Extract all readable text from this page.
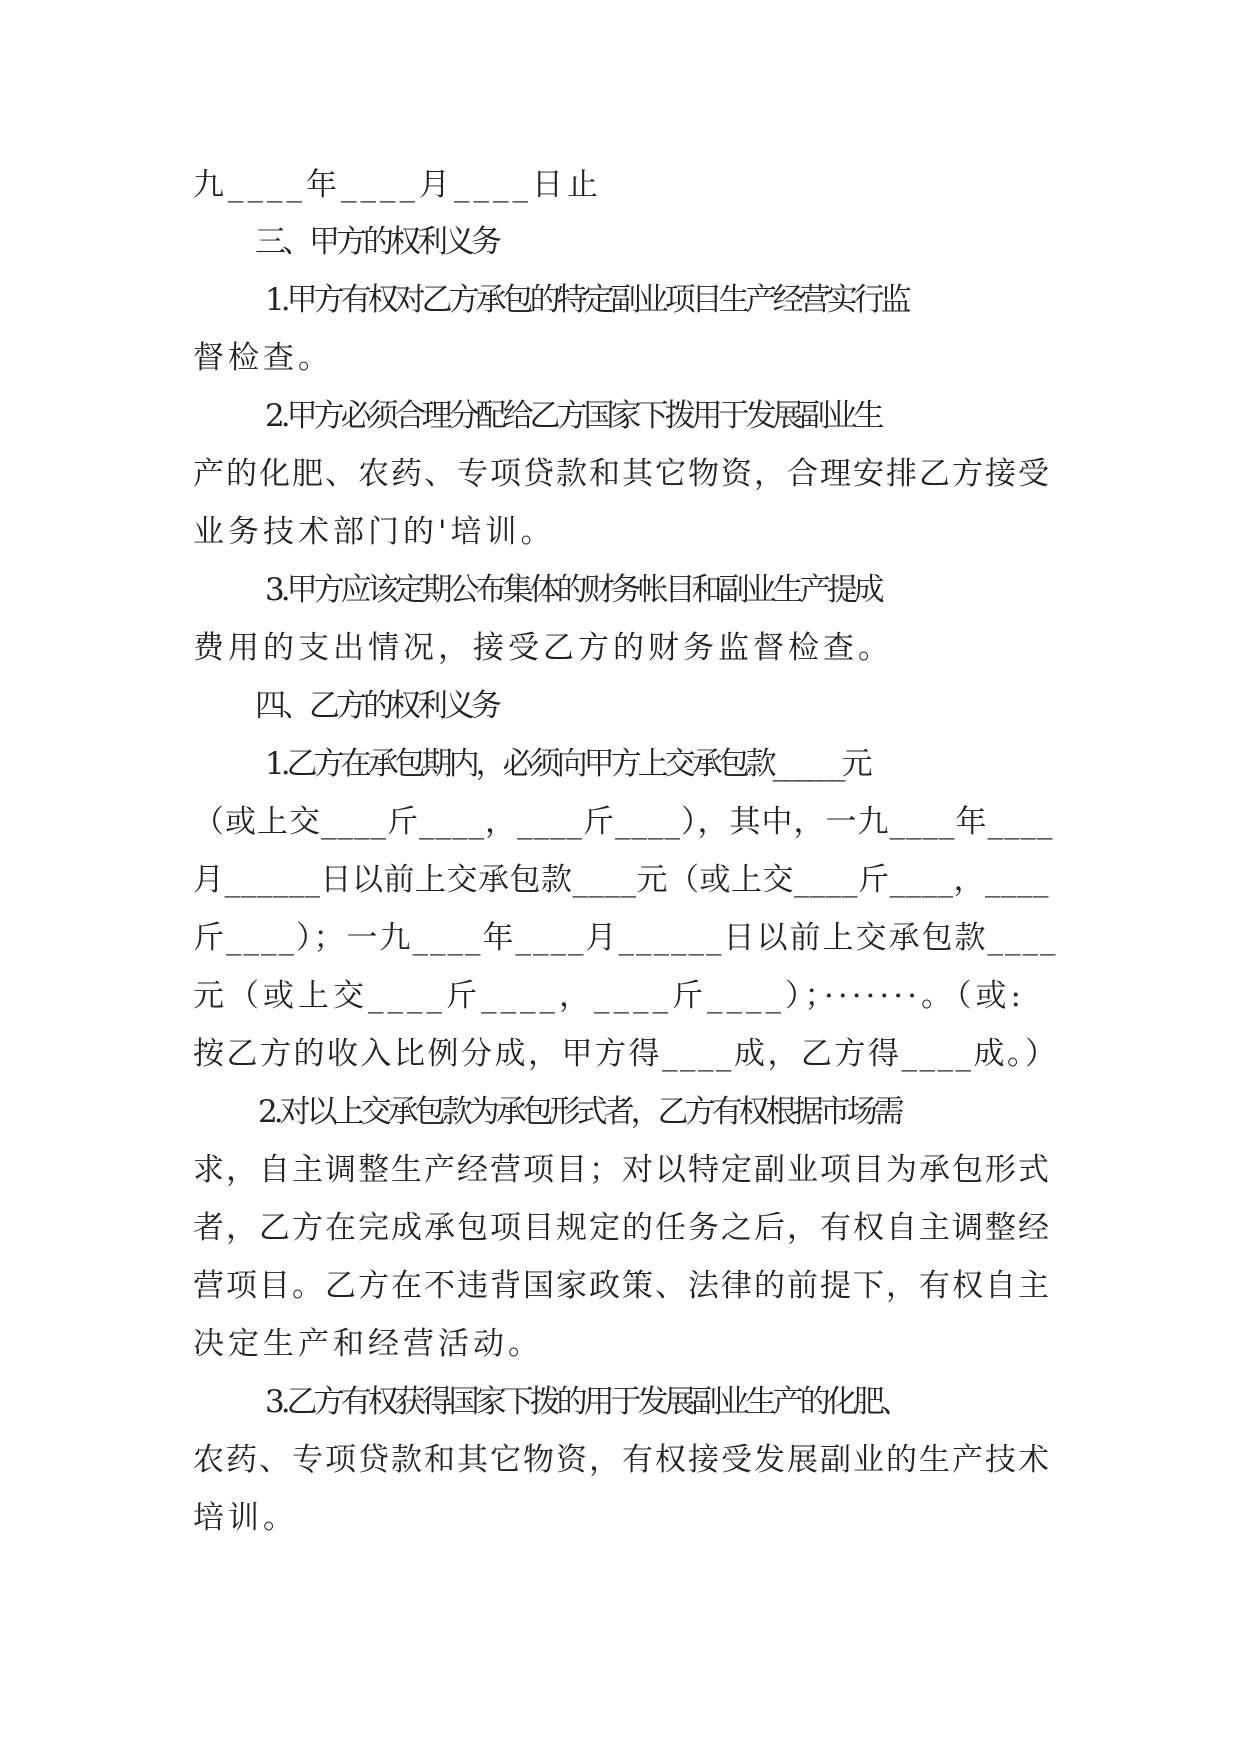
九____年____月____日止
三、甲方的权利义务
1.甲方有权对乙方承包的特定副业项目生产经营实行监
督检查。
2.甲方必须合理分配给乙方国家下拨用于发展副业生
产的化肥、农药、专项贷款和其它物资，合理安排乙方接受
业务技术部门的'培训。
3.甲方应该定期公布集体的财务帐目和副业生产提成
费用的支出情况，接受乙方的财务监督检查。
四、乙方的权利义务
1.乙方在承包期内，必须向甲方上交承包款______元
（或上交____斤____，____斤____），其中，一九____年____
月______日以前上交承包款____元（或上交____斤____，____
斤____）；一九____年____月______日以前上交承包款____
元（或上交____斤____，____斤____）；·······。（或:
按乙方的收入比例分成，甲方得____成，乙方得____成。）
2.对以上交承包款为承包形式者，乙方有权根据市场需
求，自主调整生产经营项目；对以特定副业项目为承包形式
者，乙方在完成承包项目规定的任务之后，有权自主调整经
营项目。乙方在不违背国家政策、法律的前提下，有权自主
决定生产和经营活动。
3.乙方有权获得国家下拨的用于发展副业生产的化肥、
农药、专项贷款和其它物资，有权接受发展副业的生产技术
培训。
